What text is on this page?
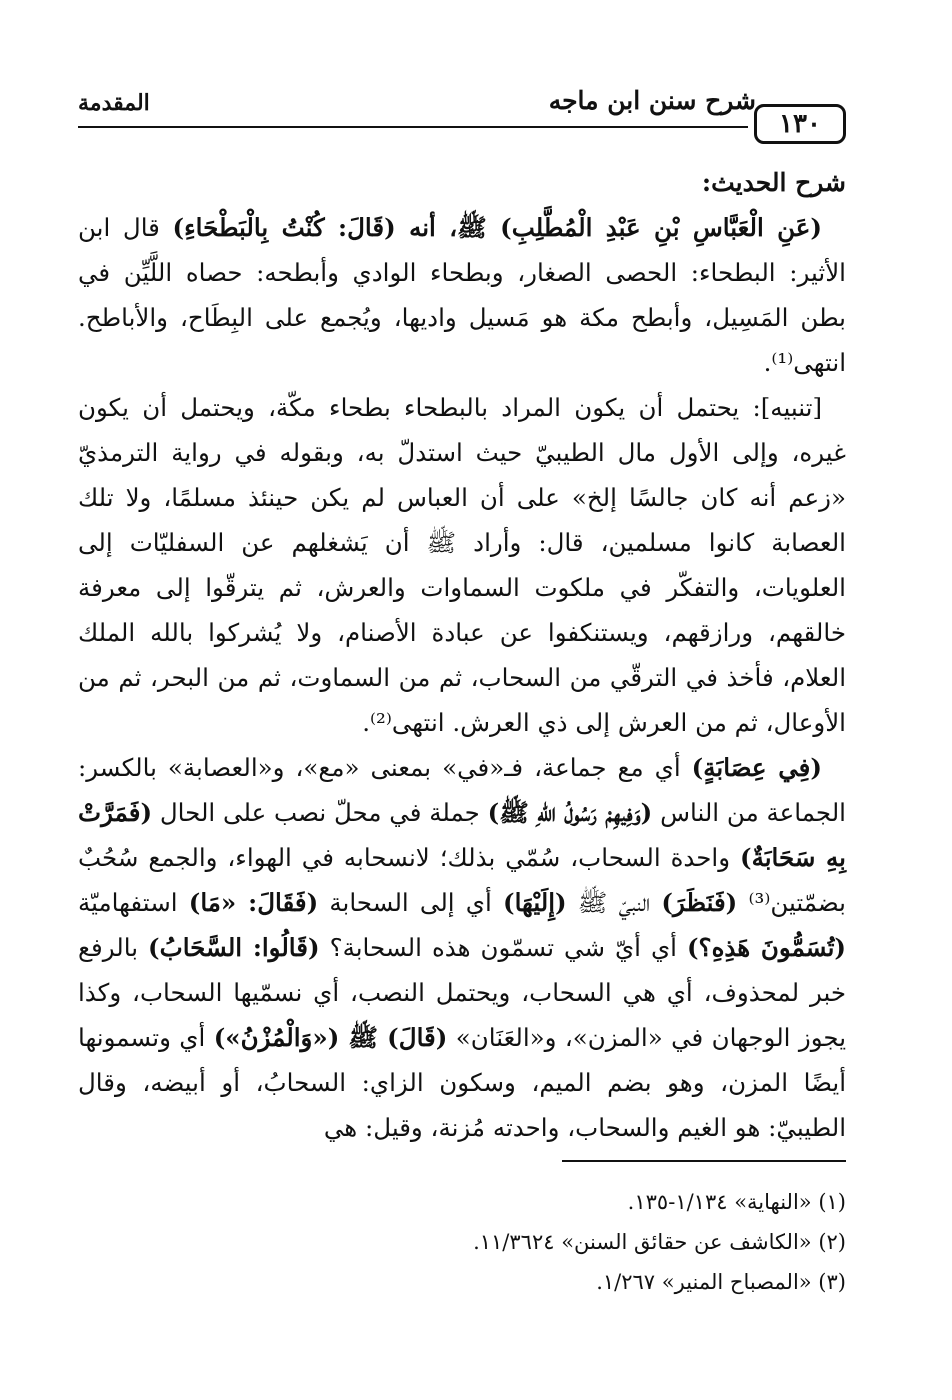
المقدمة	شرح سنن ابن ماجه
١٣٠

شرح الحديث:

(عَنِ الْعَبَّاسِ بْنِ عَبْدِ الْمُطَّلِبِ) ﷺ، أنه (قَالَ: كُنْتُ بِالْبَطْحَاءِ) قال ابن الأثير: البطحاء: الحصى الصغار، وبطحاء الوادي وأبطحه: حصاه اللَّيِّن في بطن المَسِيل، وأبطح مكة هو مَسيل واديها، ويُجمع على البِطَاح، والأباطح. انتهى⁽¹⁾.

[تنبيه]: يحتمل أن يكون المراد بالبطحاء بطحاء مكّة، ويحتمل أن يكون غيره، وإلى الأول مال الطيبيّ حيث استدلّ به، وبقوله في رواية الترمذيّ «زعم أنه كان جالسًا إلخ» على أن العباس لم يكن حينئذ مسلمًا، ولا تلك العصابة كانوا مسلمين، قال: وأراد ﷺ أن يَشغلهم عن السفليّات إلى العلويات، والتفكّر في ملكوت السماوات والعرش، ثم يترقّوا إلى معرفة خالقهم، ورازقهم، ويستنكفوا عن عبادة الأصنام، ولا يُشركوا بالله الملك العلام، فأخذ في الترقّي من السحاب، ثم من السماوت، ثم من البحر، ثم من الأوعال، ثم من العرش إلى ذي العرش. انتهى⁽²⁾.

(فِي عِصَابَةٍ) أي مع جماعة، فـ«في» بمعنى «مع»، و«العصابة» بالكسر: الجماعة من الناس (وَفِيهِمْ رَسُولُ اللهِ ﷺ) جملة في محلّ نصب على الحال (فَمَرَّتْ بِهِ سَحَابَةٌ) واحدة السحاب، سُمّي بذلك؛ لانسحابه في الهواء، والجمع سُحُبٌ بضمّتين⁽³⁾ (فَنَظَرَ) النبيّ ﷺ (إِلَيْهَا) أي إلى السحابة (فَقَالَ: «مَا) استفهاميّة (تُسَمُّونَ هَذِهِ؟) أي أيّ شي تسمّون هذه السحابة؟ (قَالُوا: السَّحَابُ) بالرفع خبر لمحذوف، أي هي السحاب، ويحتمل النصب، أي نسمّيها السحاب، وكذا يجوز الوجهان في «المزن»، و«العَنَان» (قَالَ) ﷺ («وَالْمُزْنُ») أي وتسمونها أيضًا المزن، وهو بضم الميم، وسكون الزاي: السحابُ، أو أبيضه، وقال الطيبيّ: هو الغيم والسحاب، واحدته مُزنة، وقيل: هي

(١) «النهاية» ١/١٣٤-١٣٥.

(٢) «الكاشف عن حقائق السنن» ١١/٣٦٢٤.

(٣) «المصباح المنير» ١/٢٦٧.
